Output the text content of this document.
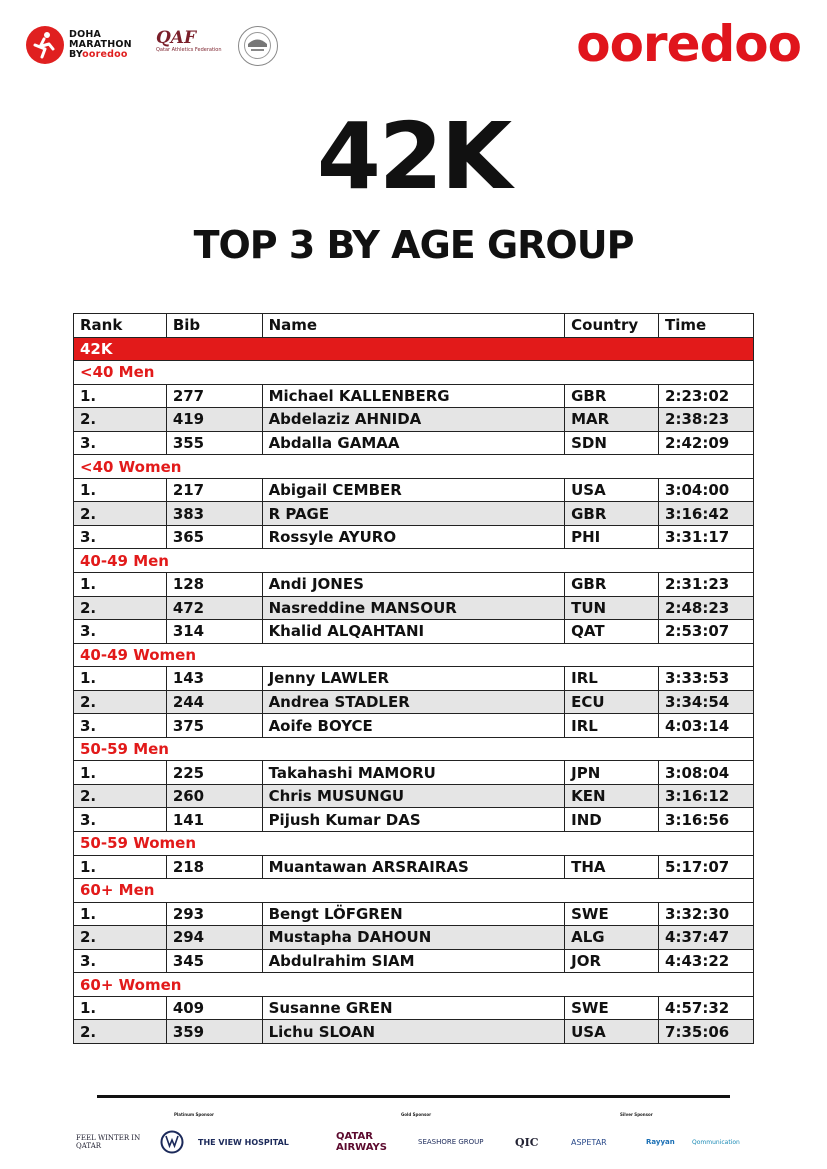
DOHA
MARATHON
BYooredoo
QAF
Qatar Athletics Federation	ooredoo
42K
TOP 3 BY AGE GROUP
Rank	Bib	Name	Country	Time
42K				
<40 Men				
1.	277	Michael KALLENBERG	GBR	2:23:02
2.	419	Abdelaziz AHNIDA	MAR	2:38:23
3.	355	Abdalla GAMAA	SDN	2:42:09
<40 Women				
1.	217	Abigail CEMBER	USA	3:04:00
2.	383	R PAGE	GBR	3:16:42
3.	365	Rossyle AYURO	PHI	3:31:17
40-49 Men				
1.	128	Andi JONES	GBR	2:31:23
2.	472	Nasreddine MANSOUR	TUN	2:48:23
3.	314	Khalid ALQAHTANI	QAT	2:53:07
40-49 Women				
1.	143	Jenny LAWLER	IRL	3:33:53
2.	244	Andrea STADLER	ECU	3:34:54
3.	375	Aoife BOYCE	IRL	4:03:14
50-59 Men				
1.	225	Takahashi MAMORU	JPN	3:08:04
2.	260	Chris MUSUNGU	KEN	3:16:12
3.	141	Pijush Kumar DAS	IND	3:16:56
50-59 Women				
1.	218	Muantawan ARSRAIRAS	THA	5:17:07
60+ Men				
1.	293	Bengt LÖFGREN	SWE	3:32:30
2.	294	Mustapha DAHOUN	ALG	4:37:47
3.	345	Abdulrahim SIAM	JOR	4:43:22
60+ Women				
1.	409	Susanne GREN	SWE	4:57:32
2.	359	Lichu SLOAN	USA	7:35:06
Platinum Sponsor	Gold Sponsor	Silver Sponsor
FEEL WINTER IN QATAR	THE VIEW HOSPITAL	QATAR AIRWAYS	SEASHORE GROUP	QIC	ASPETAR	Rayyan	Qommunication
